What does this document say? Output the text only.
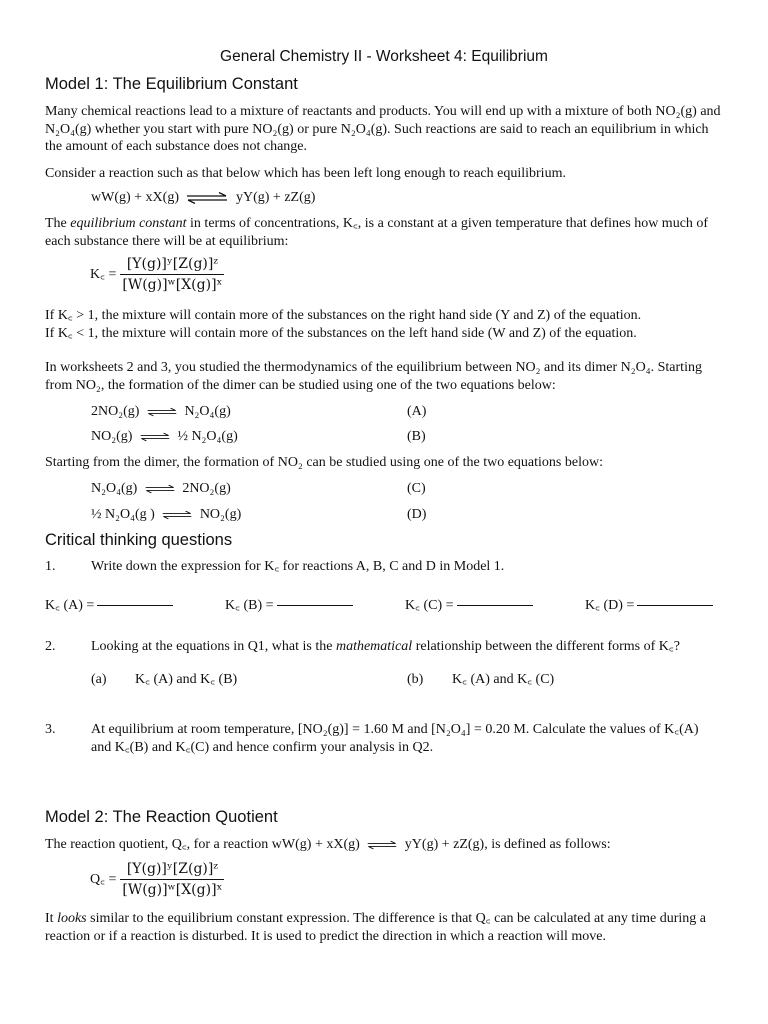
General Chemistry II - Worksheet 4: Equilibrium
Model 1: The Equilibrium Constant
Many chemical reactions lead to a mixture of reactants and products. You will end up with a mixture of both NO₂(g) and N₂O₄(g) whether you start with pure NO₂(g) or pure N₂O₄(g). Such reactions are said to reach an equilibrium in which the amount of each substance does not change.
Consider a reaction such as that below which has been left long enough to reach equilibrium.
wW(g) + xX(g)	yY(g) + zZ(g)
The equilibrium constant in terms of concentrations, K꜀, is a constant at a given temperature that defines how much of each substance there will be at equilibrium:
K꜀ = $\frac{\text{[Y(g)]ʸ[Z(g)]ᶻ}}{\text{[W(g)]ʷ[X(g)]ˣ}}$
If K꜀ > 1, the mixture will contain more of the substances on the right hand side (Y and Z) of the equation.
If K꜀ < 1, the mixture will contain more of the substances on the left hand side (W and Z) of the equation.
In worksheets 2 and 3, you studied the thermodynamics of the equilibrium between NO₂ and its dimer N₂O₄. Starting from NO₂, the formation of the dimer can be studied using one of the two equations below:
2NO₂(g)	N₂O₄(g)	(A)
NO₂(g)	½ N₂O₄(g)	(B)
Starting from the dimer, the formation of NO₂ can be studied using one of the two equations below:
N₂O₄(g)	2NO₂(g)	(C)
½ N₂O₄(g )	NO₂(g)	(D)
Critical thinking questions
1.	Write down the expression for K꜀ for reactions A, B, C and D in Model 1.
K꜀ (A) =	K꜀ (B) =	K꜀ (C) =	K꜀ (D) =
2.	Looking at the equations in Q1, what is the mathematical relationship between the different forms of K꜀?
(a) K꜀ (A) and K꜀ (B)	(b) K꜀ (A) and K꜀ (C)
3.	At equilibrium at room temperature, [NO₂(g)] = 1.60 M and [N₂O₄] = 0.20 M. Calculate the values of K꜀(A) and K꜀(B) and K꜀(C) and hence confirm your analysis in Q2.
Model 2: The Reaction Quotient
The reaction quotient, Q꜀, for a reaction wW(g) + xX(g)	yY(g) + zZ(g), is defined as follows:
Q꜀ = $\frac{\text{[Y(g)]ʸ[Z(g)]ᶻ}}{\text{[W(g)]ʷ[X(g)]ˣ}}$
It looks similar to the equilibrium constant expression. The difference is that Q꜀ can be calculated at any time during a reaction or if a reaction is disturbed. It is used to predict the direction in which a reaction will move.
